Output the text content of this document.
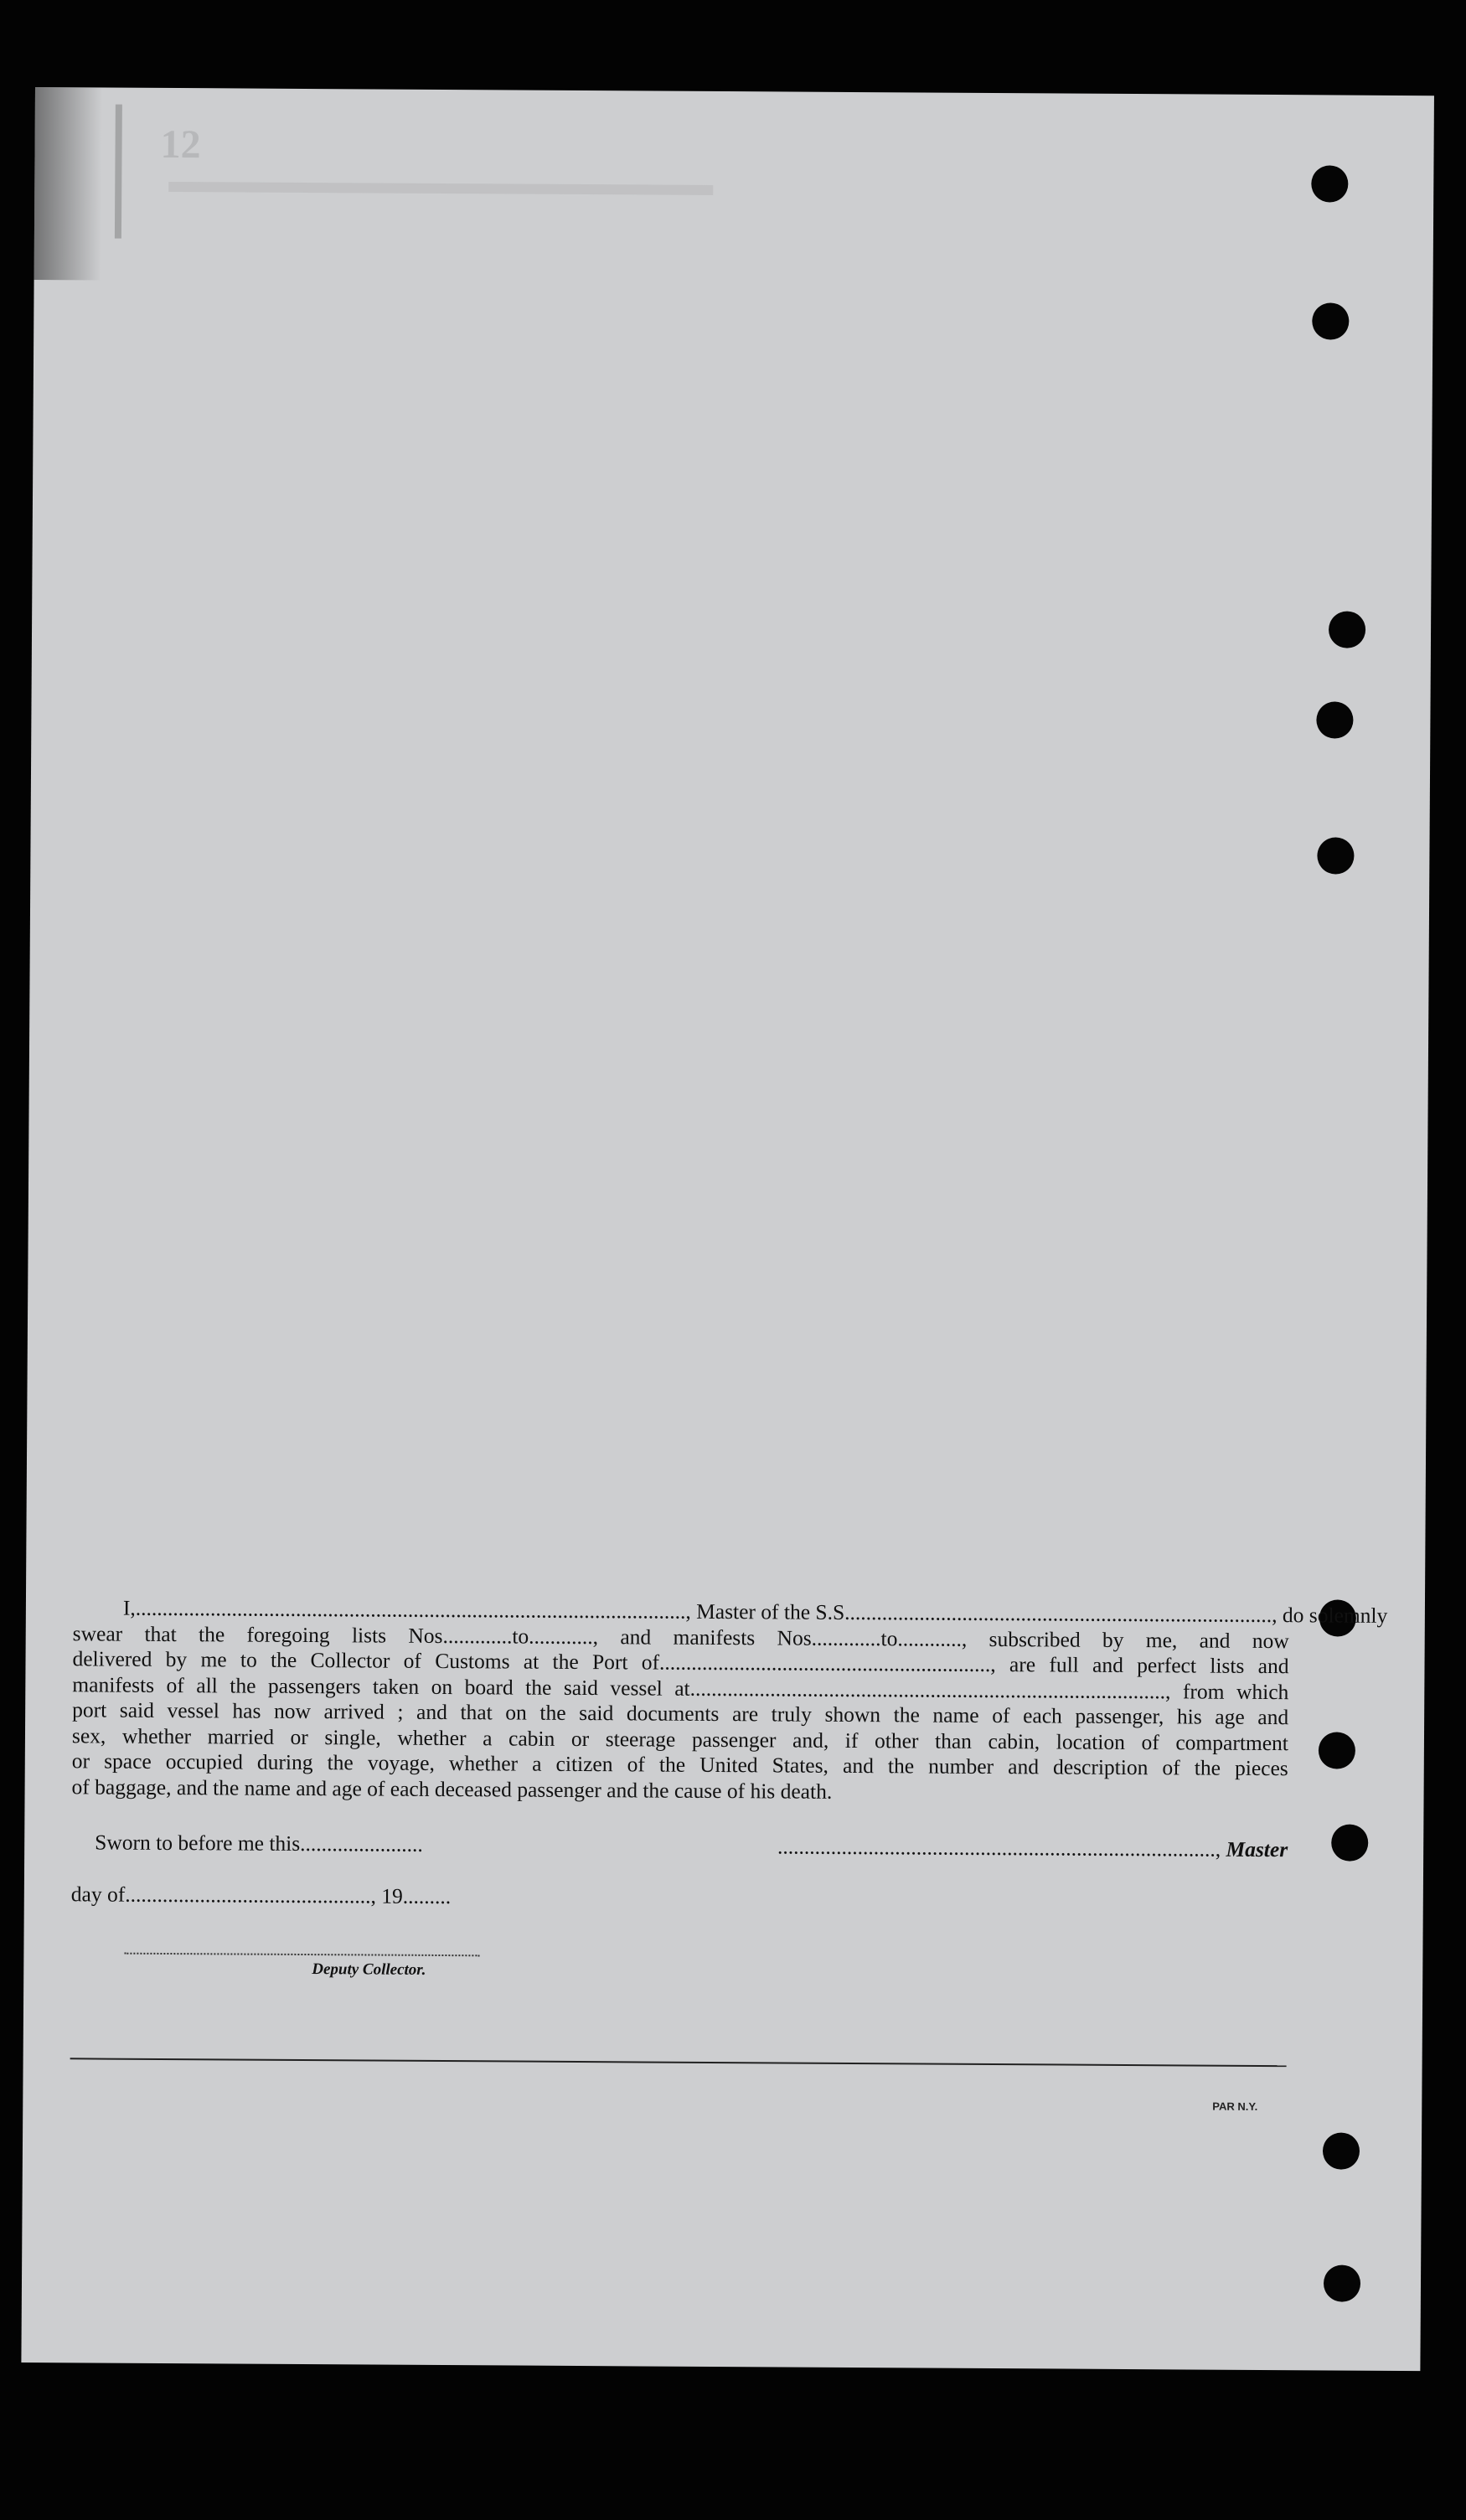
12
I,......................................................................................................., Master of the S.S................................................................................, do solemnly
swear that the foregoing lists Nos.............to............, and manifests Nos.............to............, subscribed by me, and now
delivered by me to the Collector of Customs at the Port of.............................................................., are full and perfect lists and
manifests of all the passengers taken on board the said vessel at........................................................................................., from which
port said vessel has now arrived ; and that on the said documents are truly shown the name of each passenger, his age and
sex, whether married or single, whether a cabin or steerage passenger and, if other than cabin, location of compartment
or space occupied during the voyage, whether a citizen of the United States, and the number and description of the pieces
of baggage, and the name and age of each deceased passenger and the cause of his death.
Sworn to before me this.......................	.................................................................................., Master
day of.............................................., 19.........
Deputy Collector.
PAR N.Y.
